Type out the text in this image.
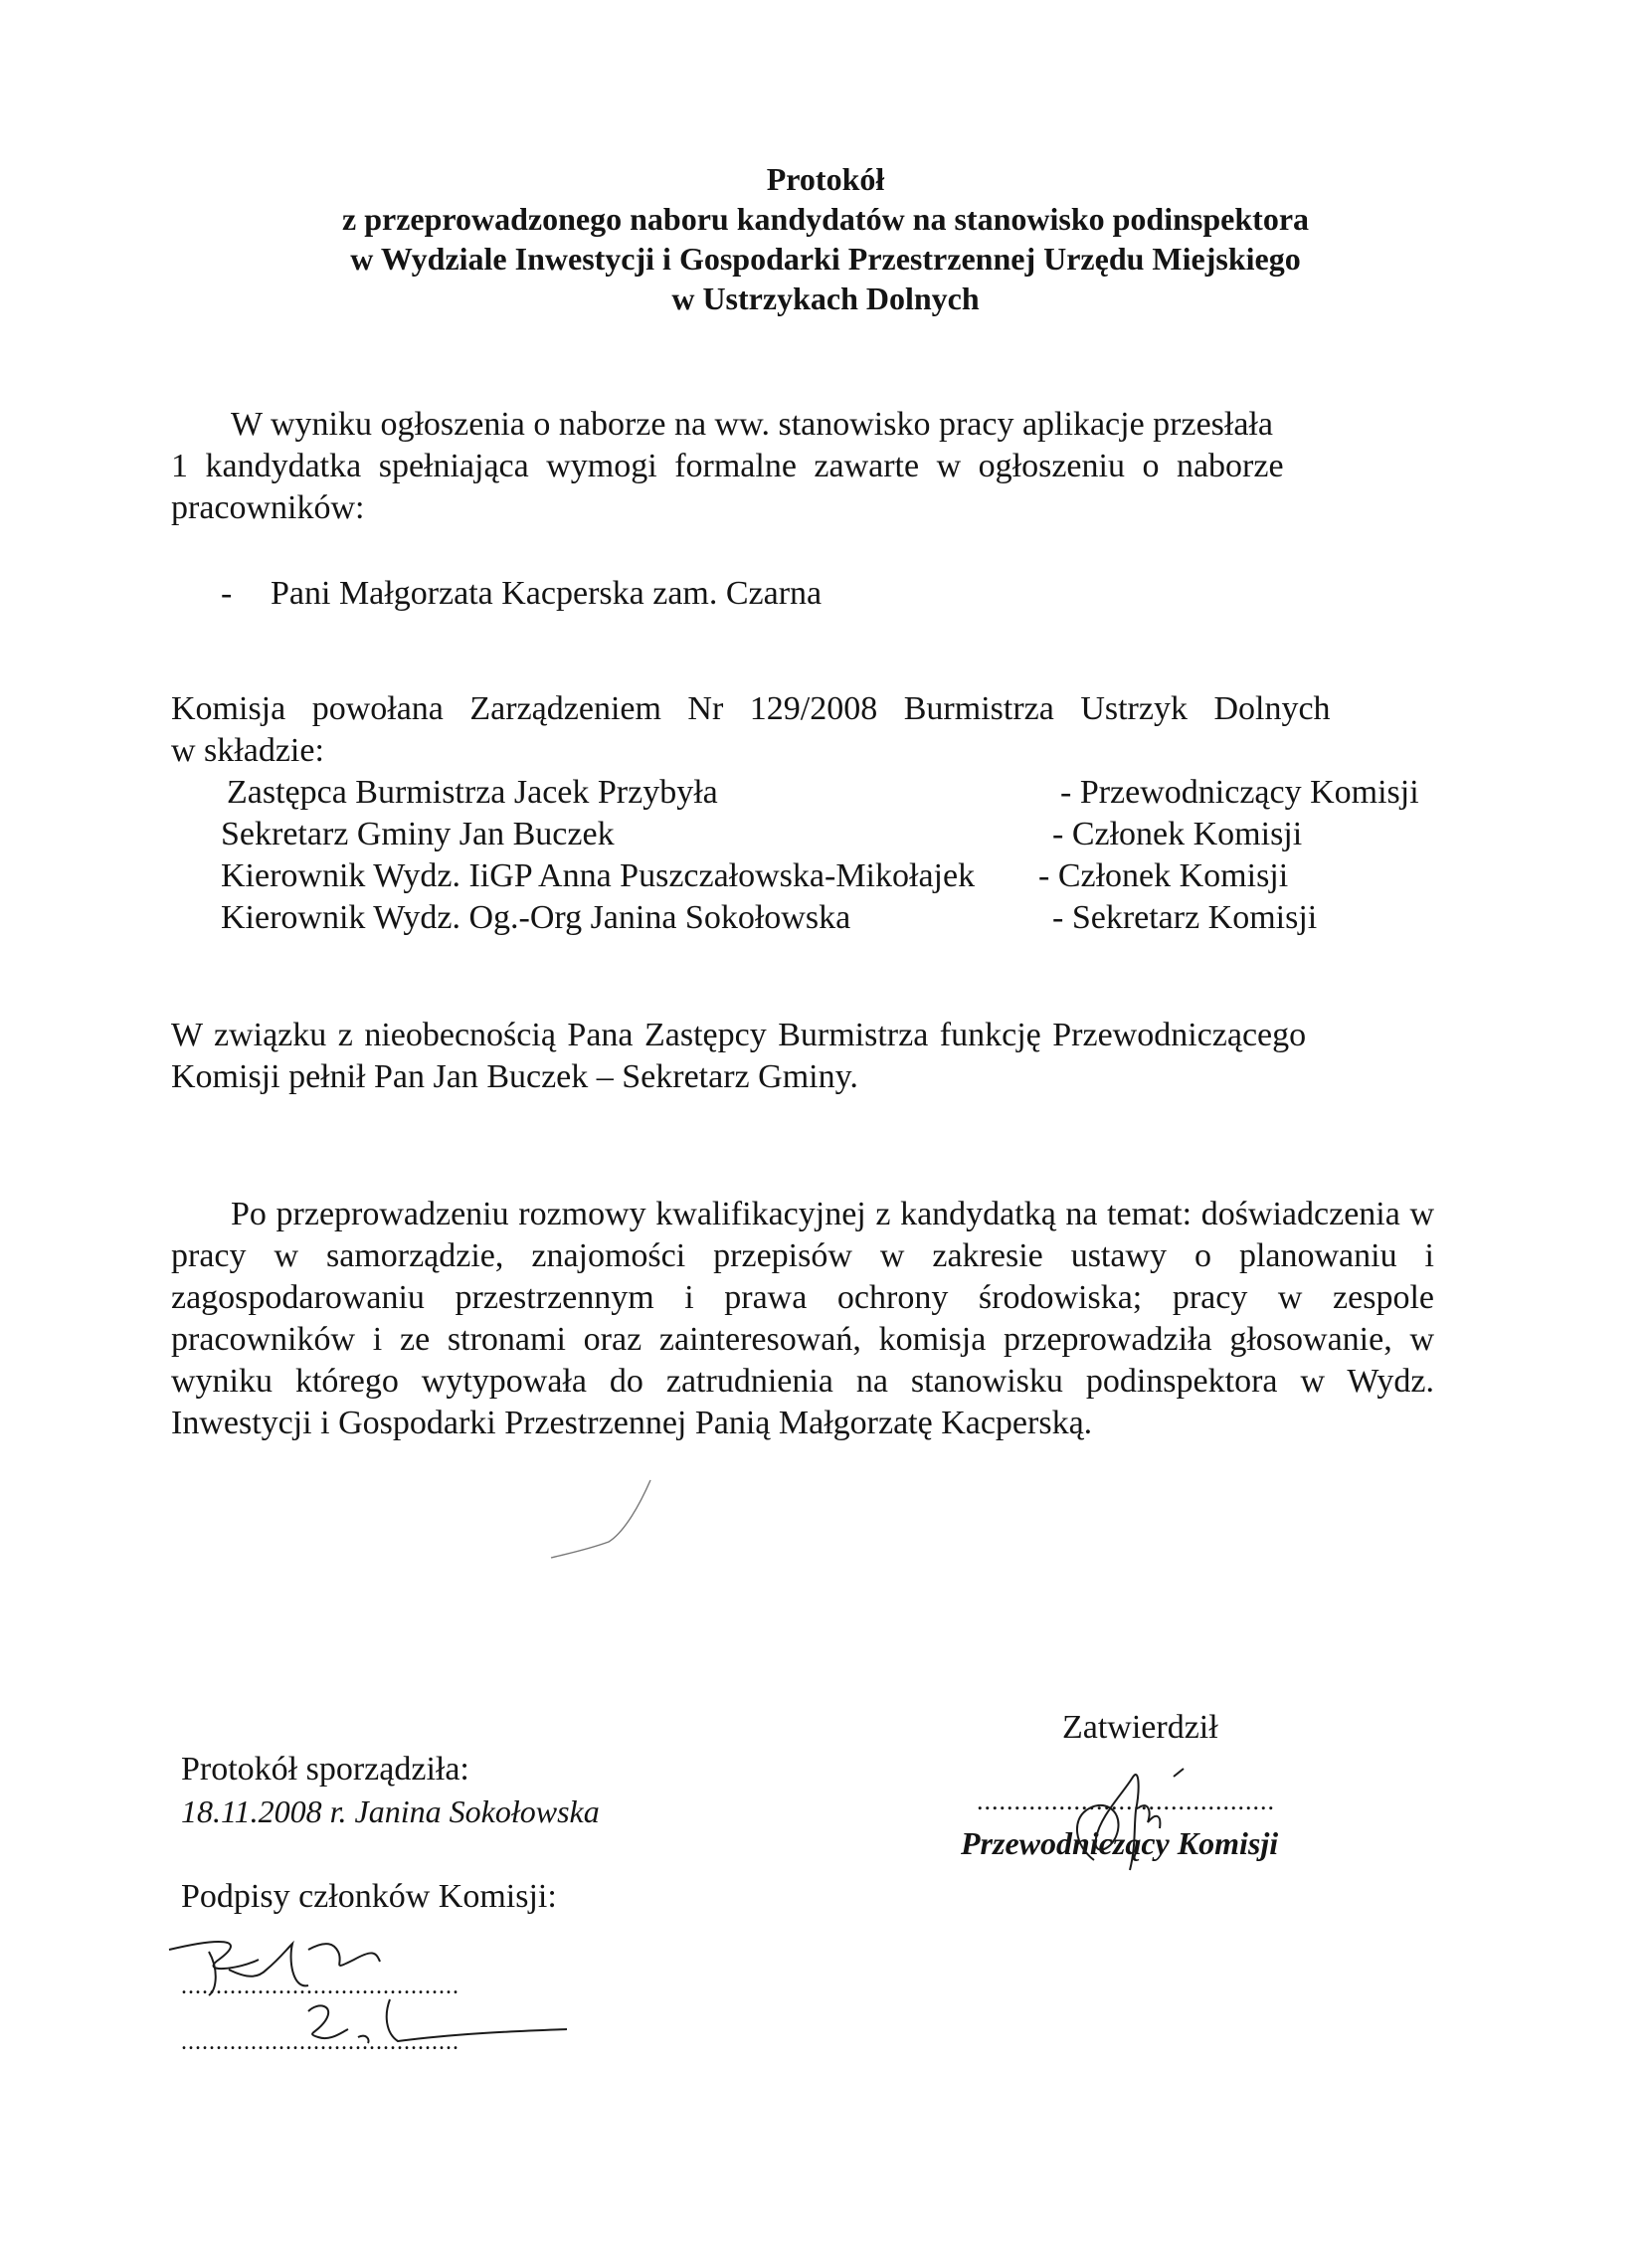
Protokół
z przeprowadzonego naboru kandydatów na stanowisko podinspektora
w Wydziale Inwestycji i Gospodarki Przestrzennej Urzędu Miejskiego
w Ustrzykach Dolnych
W wyniku ogłoszenia o naborze na ww. stanowisko pracy aplikacje przesłała
1 kandydatka spełniająca wymogi formalne zawarte w ogłoszeniu o naborze
pracowników:
- Pani Małgorzata Kacperska zam. Czarna
Komisja powołana Zarządzeniem Nr 129/2008 Burmistrza Ustrzyk Dolnych
w składzie:
Zastępca Burmistrza Jacek Przybyła	- Przewodniczący Komisji
Sekretarz Gminy Jan Buczek	- Członek Komisji
Kierownik Wydz. IiGP Anna Puszczałowska-Mikołajek - Członek Komisji
Kierownik Wydz. Og.-Org Janina Sokołowska	- Sekretarz Komisji
W związku z nieobecnością Pana Zastępcy Burmistrza funkcję Przewodniczącego
Komisji pełnił Pan Jan Buczek – Sekretarz Gminy.

Po przeprowadzeniu rozmowy kwalifikacyjnej z kandydatką na temat: doświadczenia w pracy w samorządzie, znajomości przepisów w zakresie ustawy o planowaniu i zagospodarowaniu przestrzennym i prawa ochrony środowiska; pracy w zespole pracowników i ze stronami oraz zainteresowań, komisja przeprowadziła głosowanie, w wyniku którego wytypowała do zatrudnienia na stanowisku podinspektora w Wydz. Inwestycji i Gospodarki Przestrzennej Panią Małgorzatę Kacperską.

Zatwierdził
........................................
Przewodniczący Komisji
Protokół sporządziła:
18.11.2008 r. Janina Sokołowska
Podpisy członków Komisji:
........................................
........................................
